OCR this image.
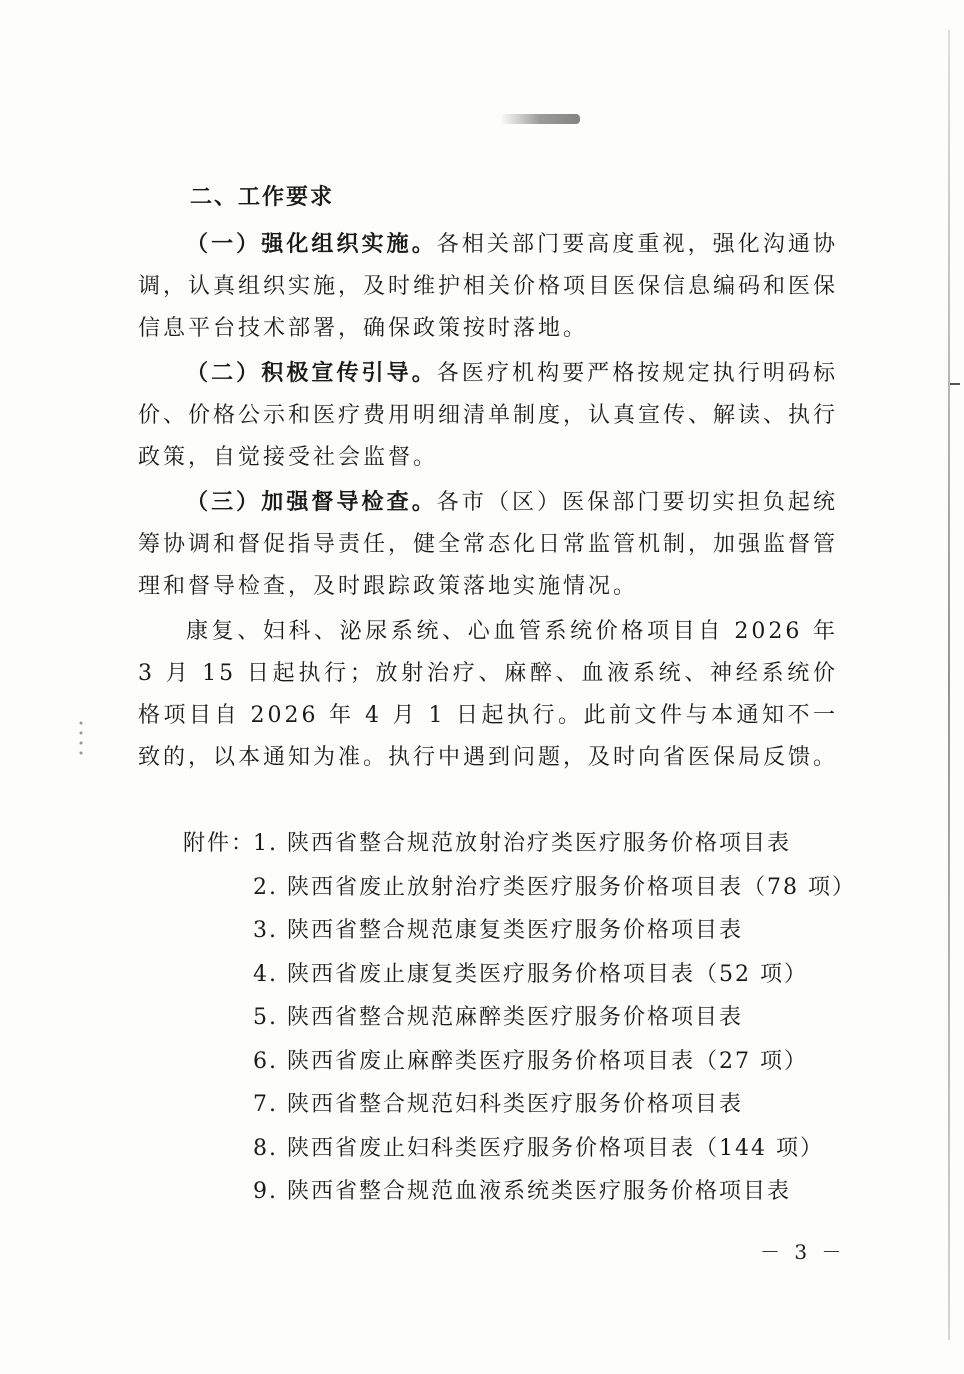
二、工作要求

（一）强化组织实施。各相关部门要高度重视，强化沟通协调，认真组织实施，及时维护相关价格项目医保信息编码和医保信息平台技术部署，确保政策按时落地。

（二）积极宣传引导。各医疗机构要严格按规定执行明码标价、价格公示和医疗费用明细清单制度，认真宣传、解读、执行政策，自觉接受社会监督。

（三）加强督导检查。各市（区）医保部门要切实担负起统筹协调和督促指导责任，健全常态化日常监管机制，加强监督管理和督导检查，及时跟踪政策落地实施情况。

康复、妇科、泌尿系统、心血管系统价格项目自 2026 年 3 月 15 日起执行；放射治疗、麻醉、血液系统、神经系统价格项目自 2026 年 4 月 1 日起执行。此前文件与本通知不一致的，以本通知为准。执行中遇到问题，及时向省医保局反馈。

附件：
1. 陕西省整合规范放射治疗类医疗服务价格项目表
2. 陕西省废止放射治疗类医疗服务价格项目表（78 项）
3. 陕西省整合规范康复类医疗服务价格项目表
4. 陕西省废止康复类医疗服务价格项目表（52 项）
5. 陕西省整合规范麻醉类医疗服务价格项目表
6. 陕西省废止麻醉类医疗服务价格项目表（27 项）
7. 陕西省整合规范妇科类医疗服务价格项目表
8. 陕西省废止妇科类医疗服务价格项目表（144 项）
9. 陕西省整合规范血液系统类医疗服务价格项目表
－ 3 －
